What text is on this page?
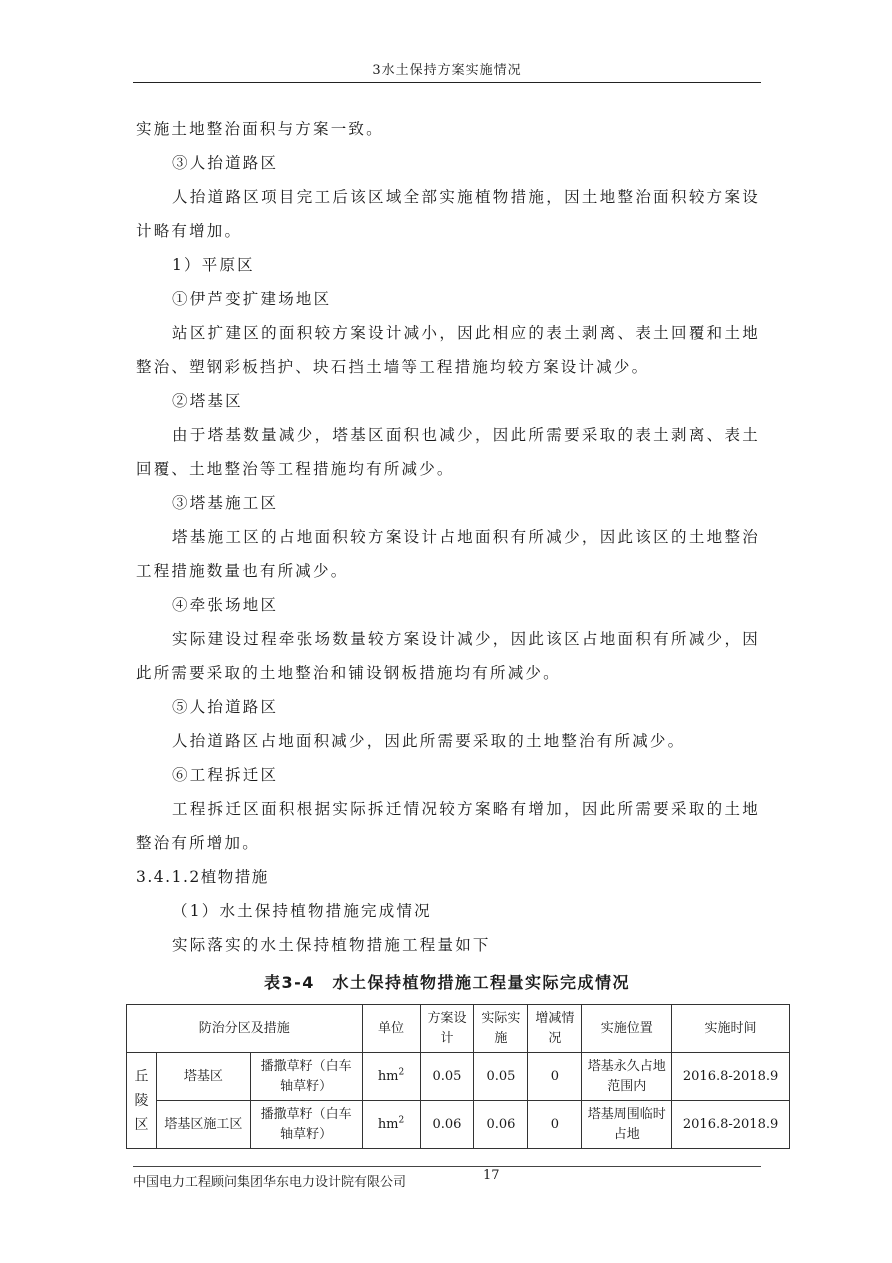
3水土保持方案实施情况

实施土地整治面积与方案一致。

③人抬道路区

人抬道路区项目完工后该区域全部实施植物措施，因土地整治面积较方案设计略有增加。

1）平原区

①伊芦变扩建场地区

站区扩建区的面积较方案设计减小，因此相应的表土剥离、表土回覆和土地整治、塑钢彩板挡护、块石挡土墙等工程措施均较方案设计减少。

②塔基区

由于塔基数量减少，塔基区面积也减少，因此所需要采取的表土剥离、表土回覆、土地整治等工程措施均有所减少。

③塔基施工区

塔基施工区的占地面积较方案设计占地面积有所减少，因此该区的土地整治工程措施数量也有所减少。

④牵张场地区

实际建设过程牵张场数量较方案设计减少，因此该区占地面积有所减少，因此所需要采取的土地整治和铺设钢板措施均有所减少。

⑤人抬道路区

人抬道路区占地面积减少，因此所需要采取的土地整治有所减少。

⑥工程拆迁区

工程拆迁区面积根据实际拆迁情况较方案略有增加，因此所需要采取的土地整治有所增加。

3.4.1.2植物措施

（1）水土保持植物措施完成情况

实际落实的水土保持植物措施工程量如下

表3-4　水土保持植物措施工程量实际完成情况
防治分区及措施			单位	方案设计	实际实施	增减情况	实施位置	实施时间
丘陵区	塔基区	播撒草籽（白车轴草籽）	$hm^2$	0.05	0.05	0	塔基永久占地范围内	2016.8-2018.9
	塔基区施工区	播撒草籽（白车轴草籽）	$hm^2$	0.06	0.06	0	塔基周围临时占地	2016.8-2018.9
中国电力工程顾问集团华东电力设计院有限公司	17
